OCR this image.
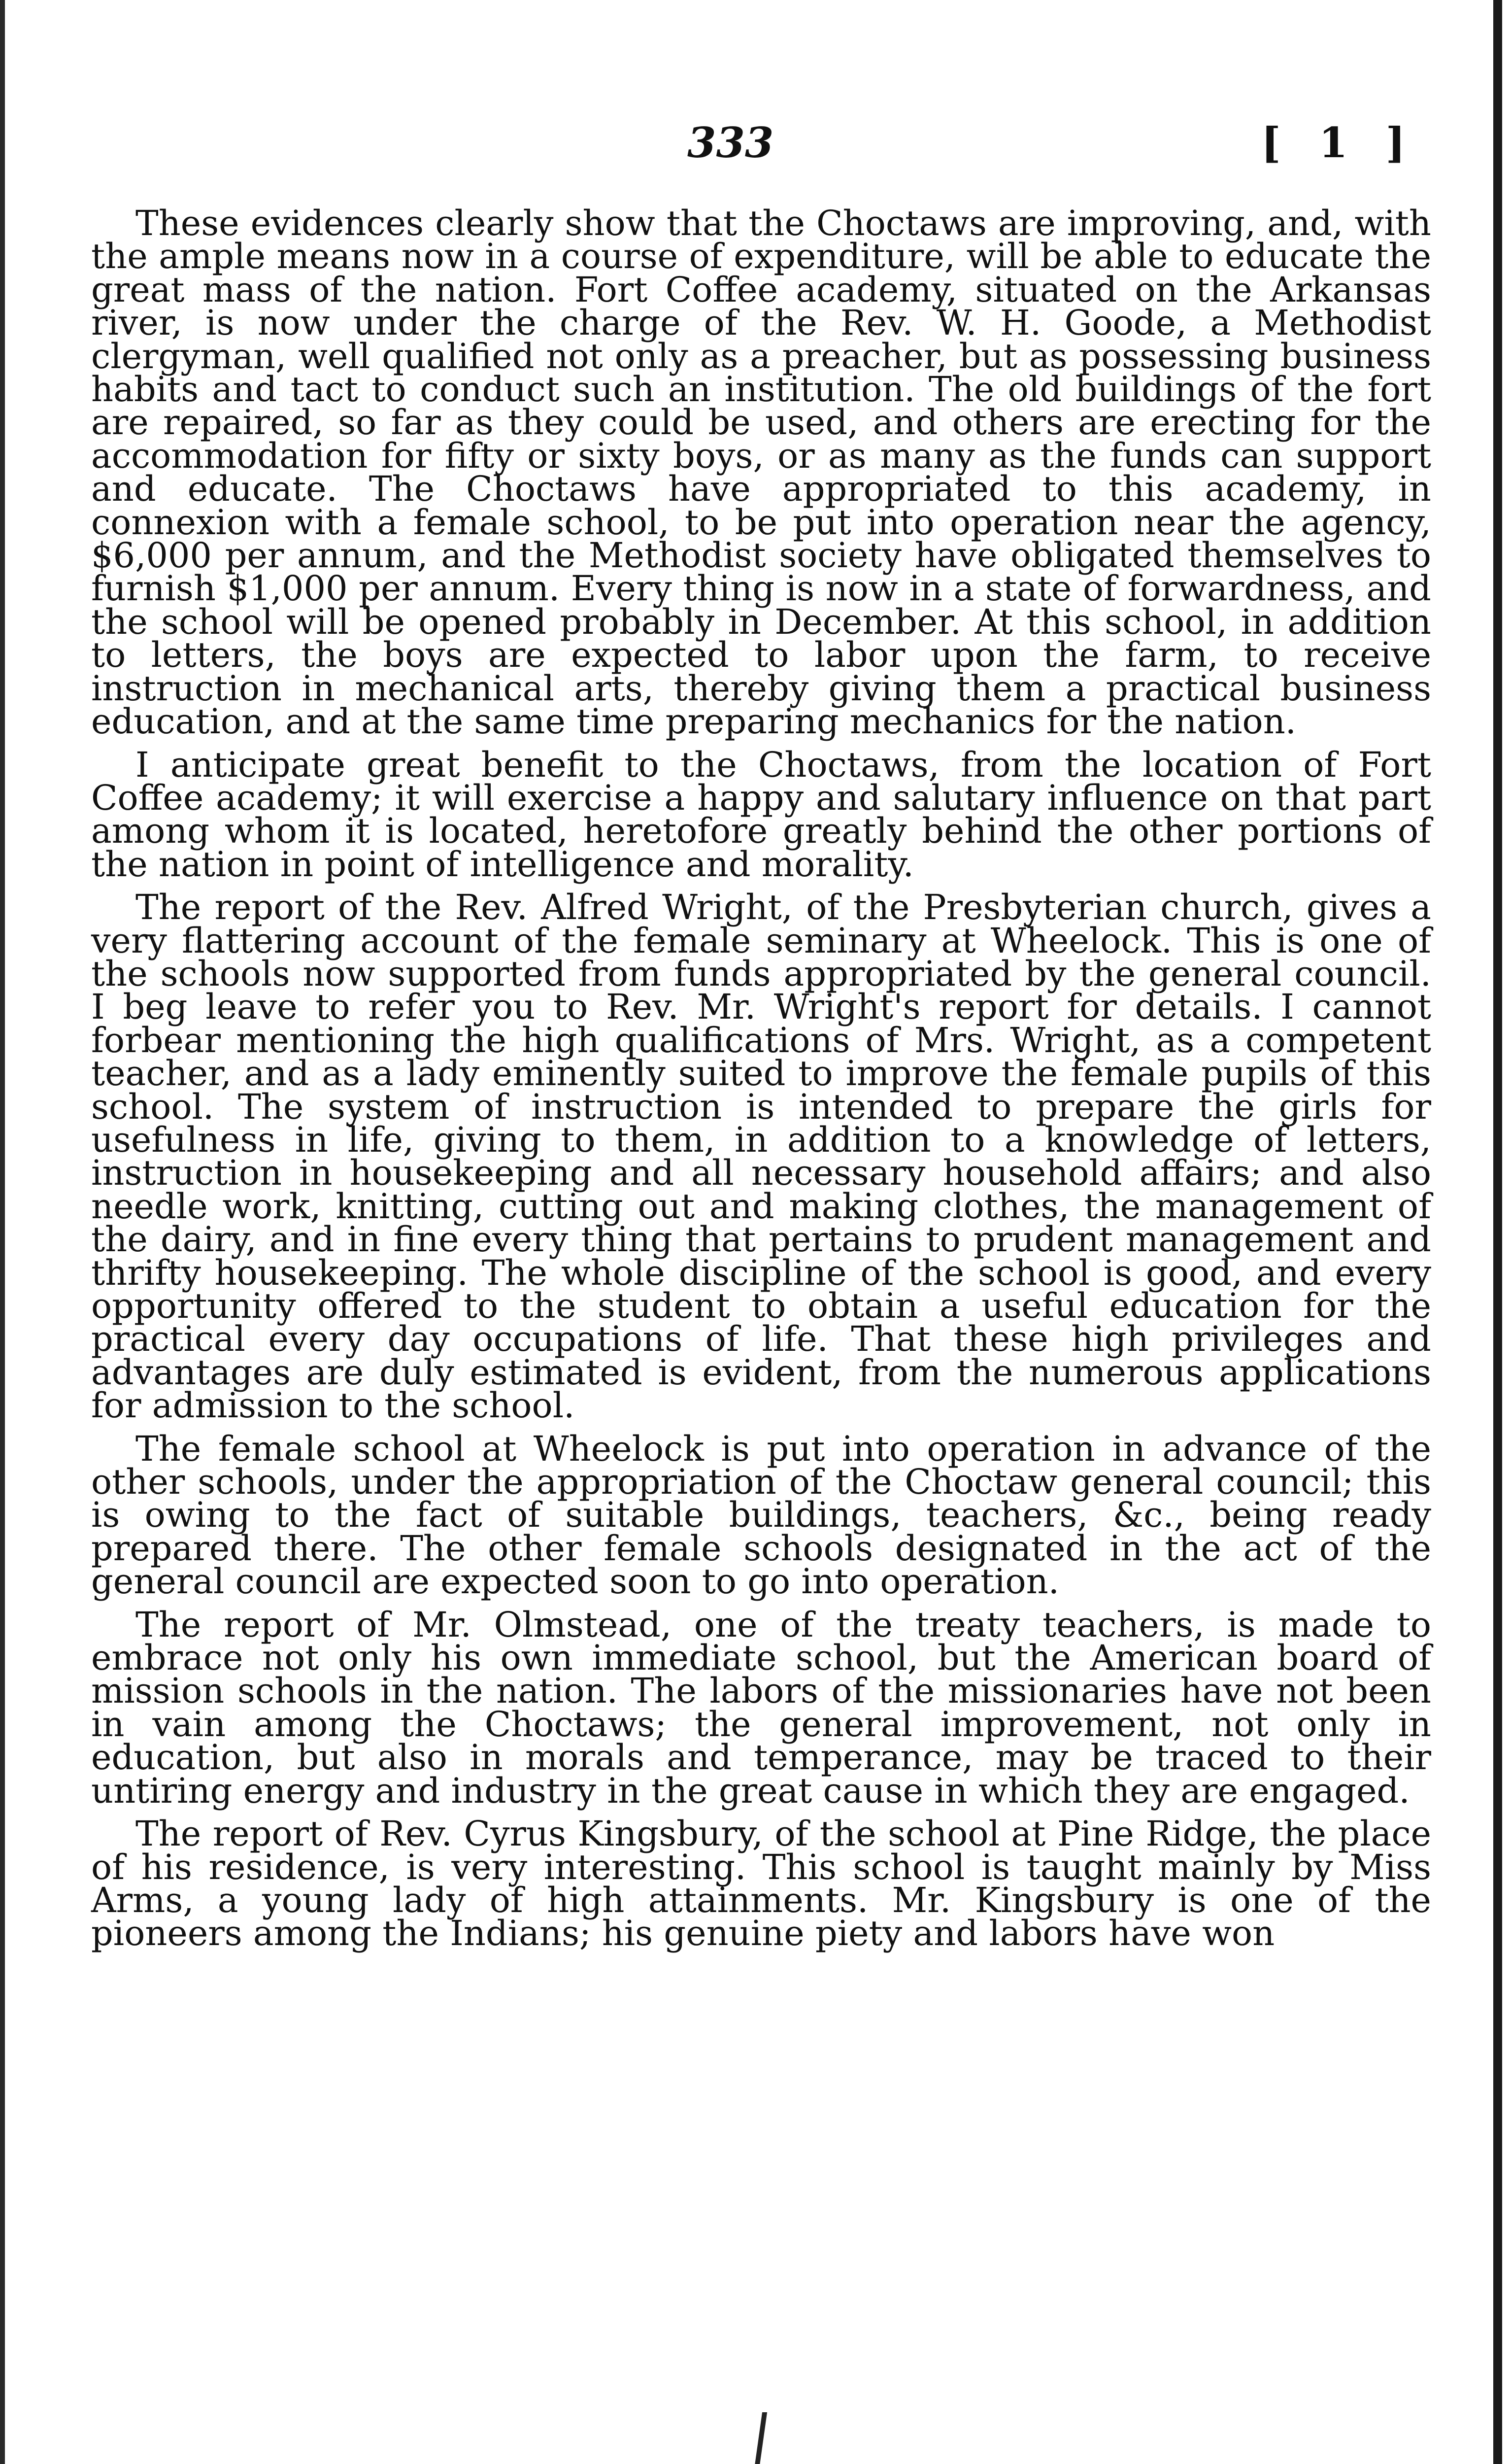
333	[ 1 ]

These evidences clearly show that the Choctaws are improving, and, with the ample means now in a course of expenditure, will be able to educate the great mass of the nation. Fort Coffee academy, situated on the Arkansas river, is now under the charge of the Rev. W. H. Goode, a Methodist clergyman, well qualified not only as a preacher, but as possessing business habits and tact to conduct such an institution. The old buildings of the fort are repaired, so far as they could be used, and others are erecting for the accommodation for fifty or sixty boys, or as many as the funds can support and educate. The Choctaws have appropriated to this academy, in connexion with a female school, to be put into operation near the agency, $6,000 per annum, and the Methodist society have obligated themselves to furnish $1,000 per annum. Every thing is now in a state of forwardness, and the school will be opened probably in December. At this school, in addition to letters, the boys are expected to labor upon the farm, to receive instruction in mechanical arts, thereby giving them a practical business education, and at the same time preparing mechanics for the nation.

I anticipate great benefit to the Choctaws, from the location of Fort Coffee academy; it will exercise a happy and salutary influence on that part among whom it is located, heretofore greatly behind the other portions of the nation in point of intelligence and morality.

The report of the Rev. Alfred Wright, of the Presbyterian church, gives a very flattering account of the female seminary at Wheelock. This is one of the schools now supported from funds appropriated by the general council. I beg leave to refer you to Rev. Mr. Wright's report for details. I cannot forbear mentioning the high qualifications of Mrs. Wright, as a competent teacher, and as a lady eminently suited to improve the female pupils of this school. The system of instruction is intended to prepare the girls for usefulness in life, giving to them, in addition to a knowledge of letters, instruction in housekeeping and all necessary household affairs; and also needle work, knitting, cutting out and making clothes, the management of the dairy, and in fine every thing that pertains to prudent management and thrifty housekeeping. The whole discipline of the school is good, and every opportunity offered to the student to obtain a useful education for the practical every day occupations of life. That these high privileges and advantages are duly estimated is evident, from the numerous applications for admission to the school.

The female school at Wheelock is put into operation in advance of the other schools, under the appropriation of the Choctaw general council; this is owing to the fact of suitable buildings, teachers, &c., being ready prepared there. The other female schools designated in the act of the general council are expected soon to go into operation.

The report of Mr. Olmstead, one of the treaty teachers, is made to embrace not only his own immediate school, but the American board of mission schools in the nation. The labors of the missionaries have not been in vain among the Choctaws; the general improvement, not only in education, but also in morals and temperance, may be traced to their untiring energy and industry in the great cause in which they are engaged.

The report of Rev. Cyrus Kingsbury, of the school at Pine Ridge, the place of his residence, is very interesting. This school is taught mainly by Miss Arms, a young lady of high attainments. Mr. Kingsbury is one of the pioneers among the Indians; his genuine piety and labors have won
